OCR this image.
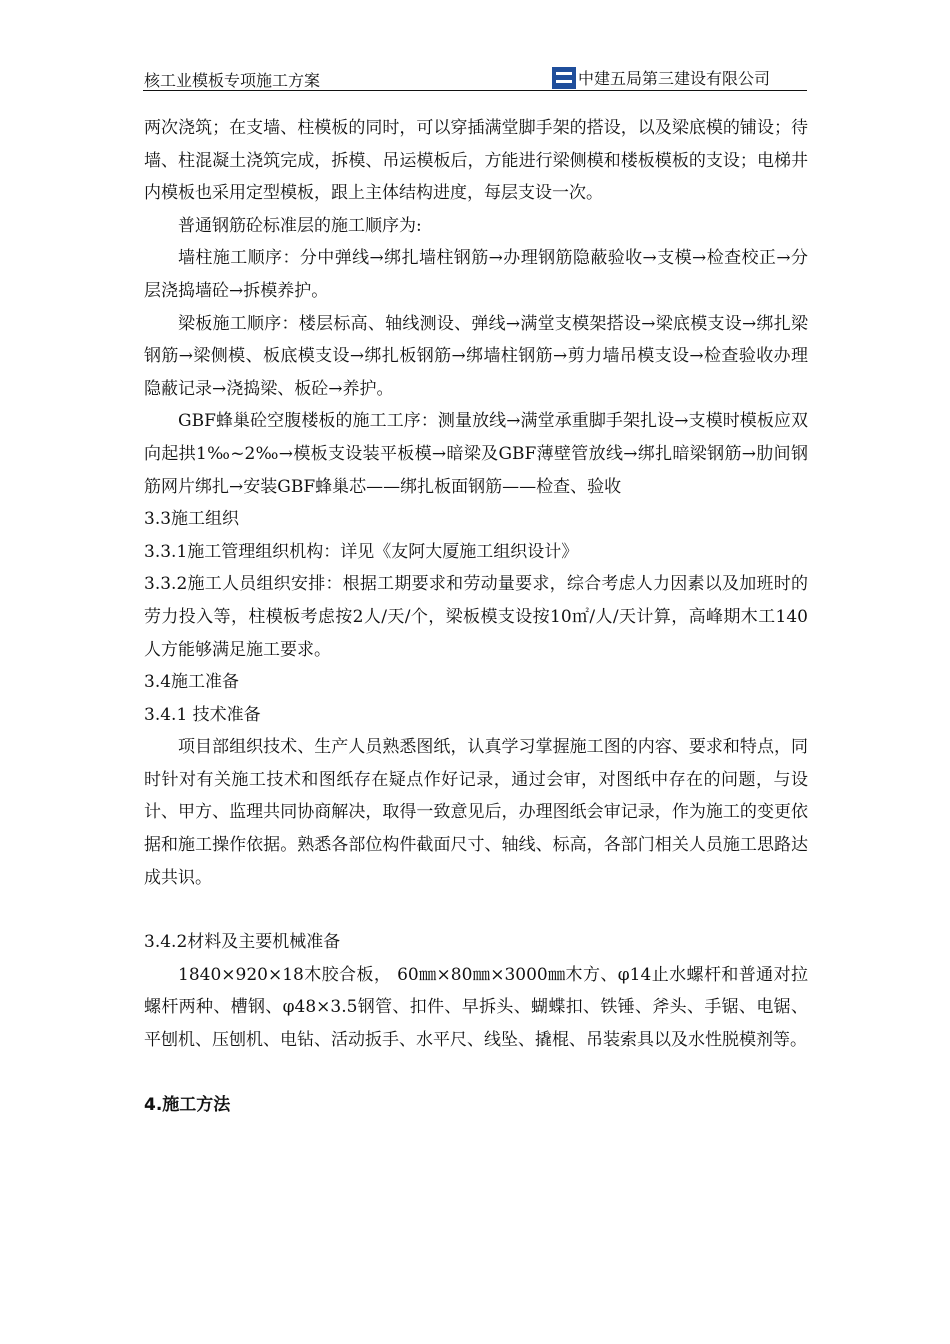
核工业模板专项施工方案	中建五局第三建设有限公司

两次浇筑；在支墙、柱模板的同时，可以穿插满堂脚手架的搭设，以及梁底模的铺设；待墙、柱混凝土浇筑完成，拆模、吊运模板后，方能进行梁侧模和楼板模板的支设；电梯井内模板也采用定型模板，跟上主体结构进度，每层支设一次。

普通钢筋砼标准层的施工顺序为:

墙柱施工顺序：分中弹线→绑扎墙柱钢筋→办理钢筋隐蔽验收→支模→检查校正→分层浇捣墙砼→拆模养护。

梁板施工顺序：楼层标高、轴线测设、弹线→满堂支模架搭设→梁底模支设→绑扎梁钢筋→梁侧模、板底模支设→绑扎板钢筋→绑墙柱钢筋→剪力墙吊模支设→检查验收办理隐蔽记录→浇捣梁、板砼→养护。

GBF蜂巢砼空腹楼板的施工工序：测量放线→满堂承重脚手架扎设→支模时模板应双向起拱1‰~2‰→模板支设装平板模→暗梁及GBF薄壁管放线→绑扎暗梁钢筋→肋间钢筋网片绑扎→安装GBF蜂巢芯——绑扎板面钢筋——检查、验收

3.3施工组织

3.3.1施工管理组织机构：详见《友阿大厦施工组织设计》

3.3.2施工人员组织安排：根据工期要求和劳动量要求，综合考虑人力因素以及加班时的劳力投入等，柱模板考虑按2人/天/个，梁板模支设按10㎡/人/天计算，高峰期木工140人方能够满足施工要求。

3.4施工准备

3.4.1 技术准备

项目部组织技术、生产人员熟悉图纸，认真学习掌握施工图的内容、要求和特点，同时针对有关施工技术和图纸存在疑点作好记录，通过会审，对图纸中存在的问题，与设计、甲方、监理共同协商解决，取得一致意见后，办理图纸会审记录，作为施工的变更依据和施工操作依据。熟悉各部位构件截面尺寸、轴线、标高，各部门相关人员施工思路达成共识。

3.4.2材料及主要机械准备

1840×920×18木胶合板， 60㎜×80㎜×3000㎜木方、φ14止水螺杆和普通对拉螺杆两种、槽钢、φ48×3.5钢管、扣件、早拆头、蝴蝶扣、铁锤、斧头、手锯、电锯、平刨机、压刨机、电钻、活动扳手、水平尺、线坠、撬棍、吊装索具以及水性脱模剂等。

4.施工方法
